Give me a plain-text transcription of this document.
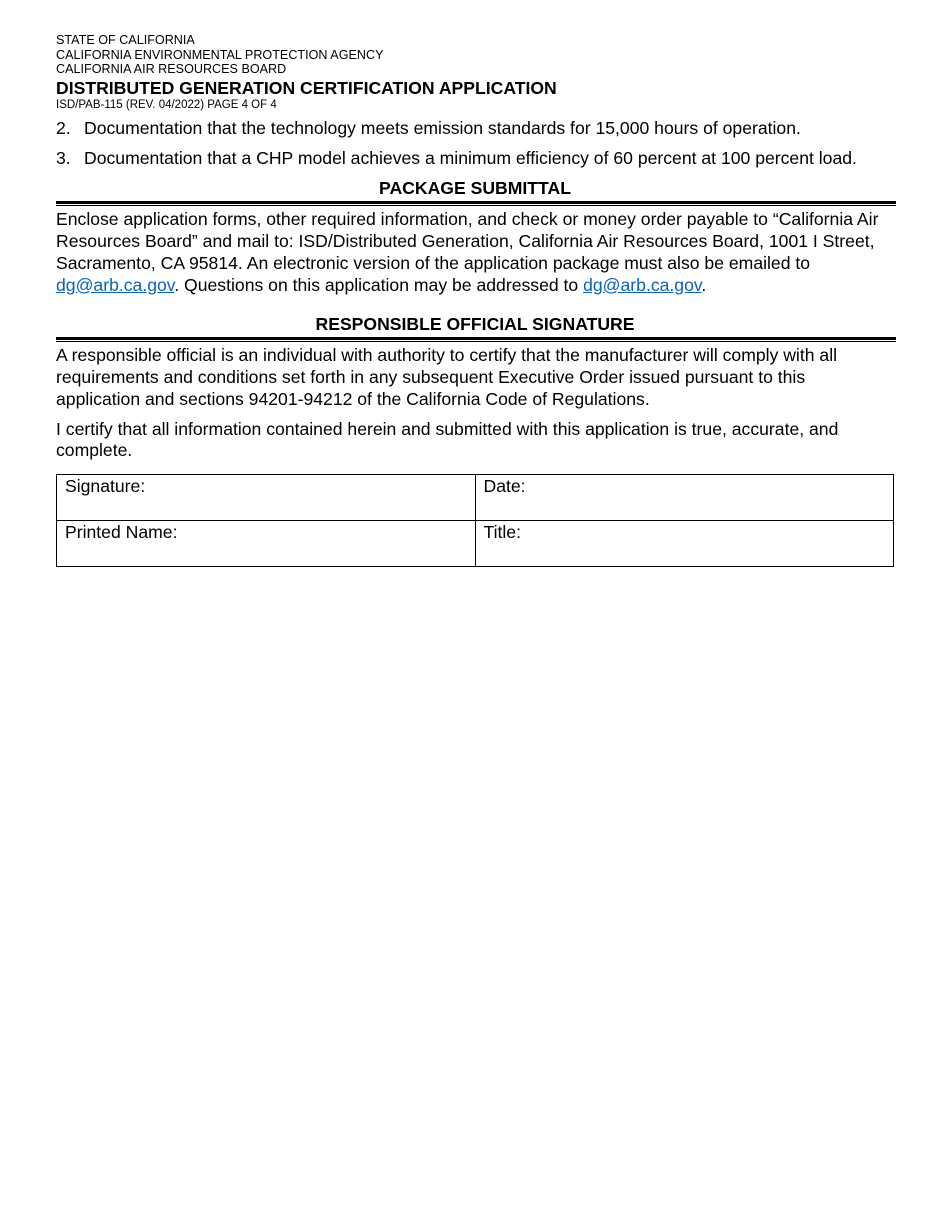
STATE OF CALIFORNIA

CALIFORNIA ENVIRONMENTAL PROTECTION AGENCY

CALIFORNIA AIR RESOURCES BOARD

DISTRIBUTED GENERATION CERTIFICATION APPLICATION

ISD/PAB-115 (REV. 04/2022) PAGE 4 OF 4

2. Documentation that the technology meets emission standards for 15,000 hours of operation.
3. Documentation that a CHP model achieves a minimum efficiency of 60 percent at 100 percent load.
PACKAGE SUBMITTAL

Enclose application forms, other required information, and check or money order payable to “California Air Resources Board” and mail to: ISD/Distributed Generation, California Air Resources Board, 1001 I Street, Sacramento, CA 95814. An electronic version of the application package must also be emailed to dg@arb.ca.gov. Questions on this application may be addressed to dg@arb.ca.gov.

RESPONSIBLE OFFICIAL SIGNATURE

A responsible official is an individual with authority to certify that the manufacturer will comply with all requirements and conditions set forth in any subsequent Executive Order issued pursuant to this application and sections 94201-94212 of the California Code of Regulations.

I certify that all information contained herein and submitted with this application is true, accurate, and complete.

Signature:	Date:
Printed Name:	Title:
